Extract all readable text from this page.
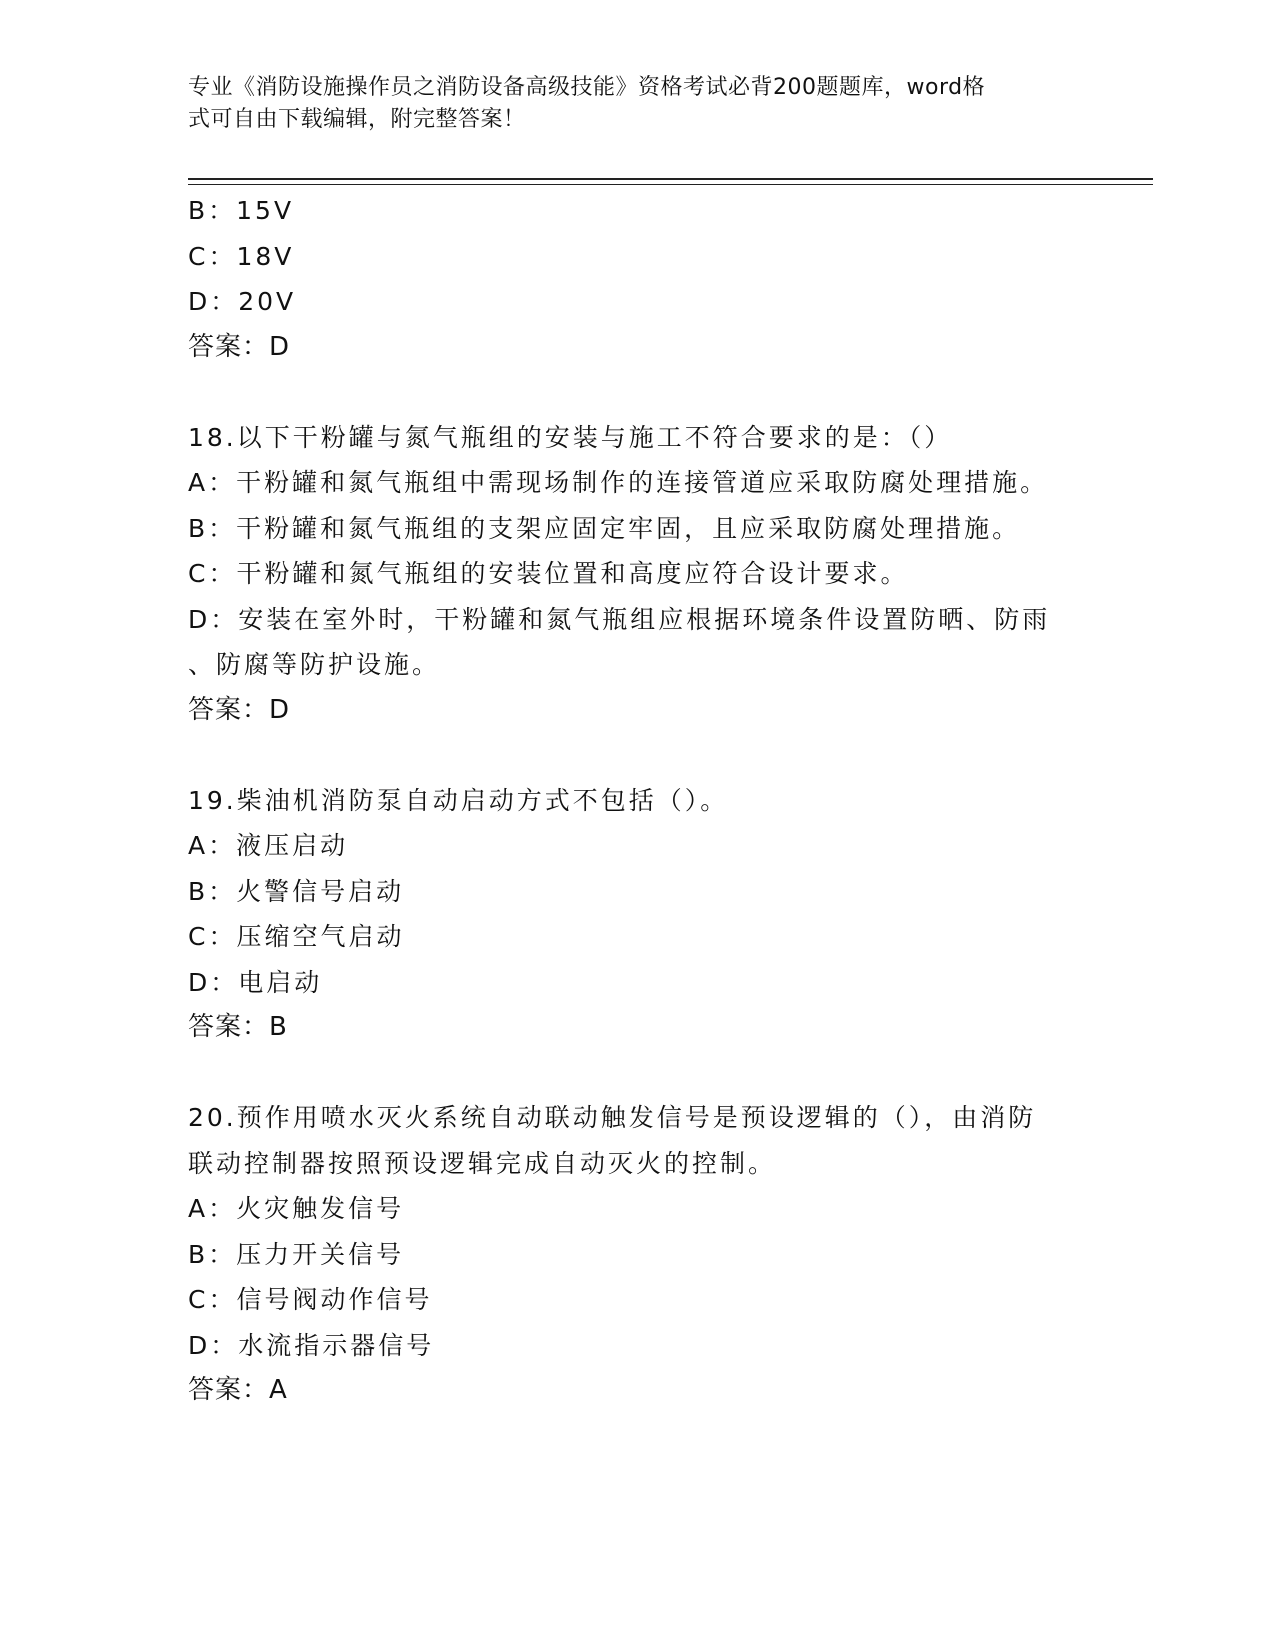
专业《消防设施操作员之消防设备高级技能》资格考试必背200题题库，word格
式可自由下载编辑，附完整答案！
B：15V
C：18V
D：20V
答案：D
18.以下干粉罐与氮气瓶组的安装与施工不符合要求的是：（）
A：干粉罐和氮气瓶组中需现场制作的连接管道应采取防腐处理措施。
B：干粉罐和氮气瓶组的支架应固定牢固，且应采取防腐处理措施。
C：干粉罐和氮气瓶组的安装位置和高度应符合设计要求。
D：安装在室外时，干粉罐和氮气瓶组应根据环境条件设置防晒、防雨
、防腐等防护设施。
答案：D
19.柴油机消防泵自动启动方式不包括（）。
A：液压启动
B：火警信号启动
C：压缩空气启动
D：电启动
答案：B
20.预作用喷水灭火系统自动联动触发信号是预设逻辑的（），由消防
联动控制器按照预设逻辑完成自动灭火的控制。
A：火灾触发信号
B：压力开关信号
C：信号阀动作信号
D：水流指示器信号
答案：A
